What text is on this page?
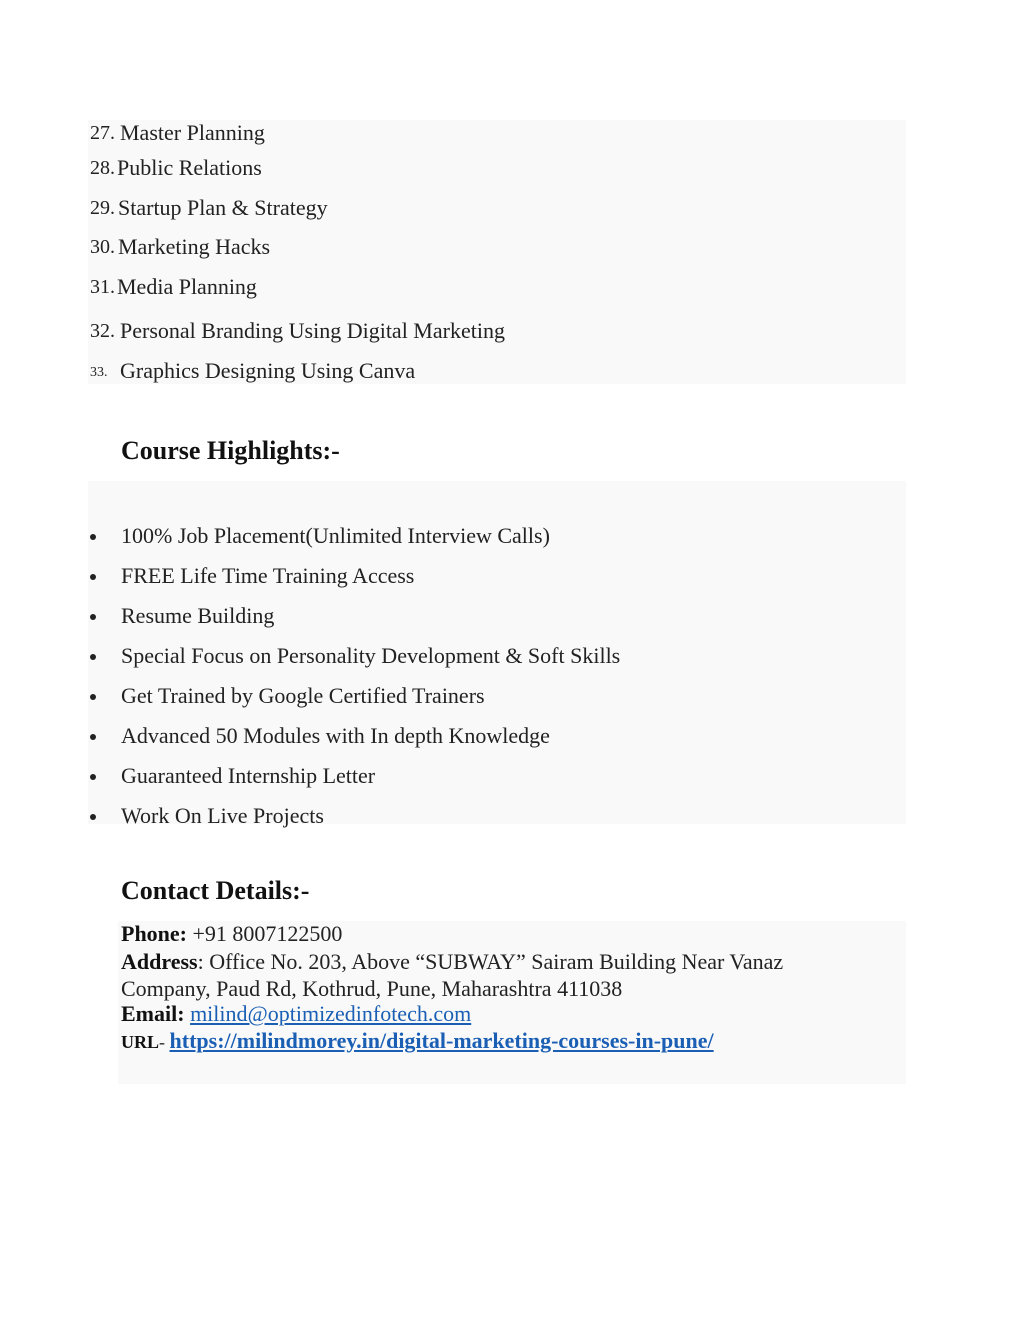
27. Master Planning
28. Public Relations
29. Startup Plan & Strategy
30. Marketing Hacks
31. Media Planning
32. Personal Branding Using Digital Marketing
33. Graphics Designing Using Canva
Course Highlights:-
100% Job Placement(Unlimited Interview Calls)
FREE Life Time Training Access
Resume Building
Special Focus on Personality Development & Soft Skills
Get Trained by Google Certified Trainers
Advanced 50 Modules with In depth Knowledge
Guaranteed Internship Letter
Work On Live Projects
Contact Details:-
Phone: +91 8007122500
Address: Office No. 203, Above “SUBWAY” Sairam Building Near Vanaz
Company, Paud Rd, Kothrud, Pune, Maharashtra 411038
Email: milind@optimizedinfotech.com
URL- https://milindmorey.in/digital-marketing-courses-in-pune/
